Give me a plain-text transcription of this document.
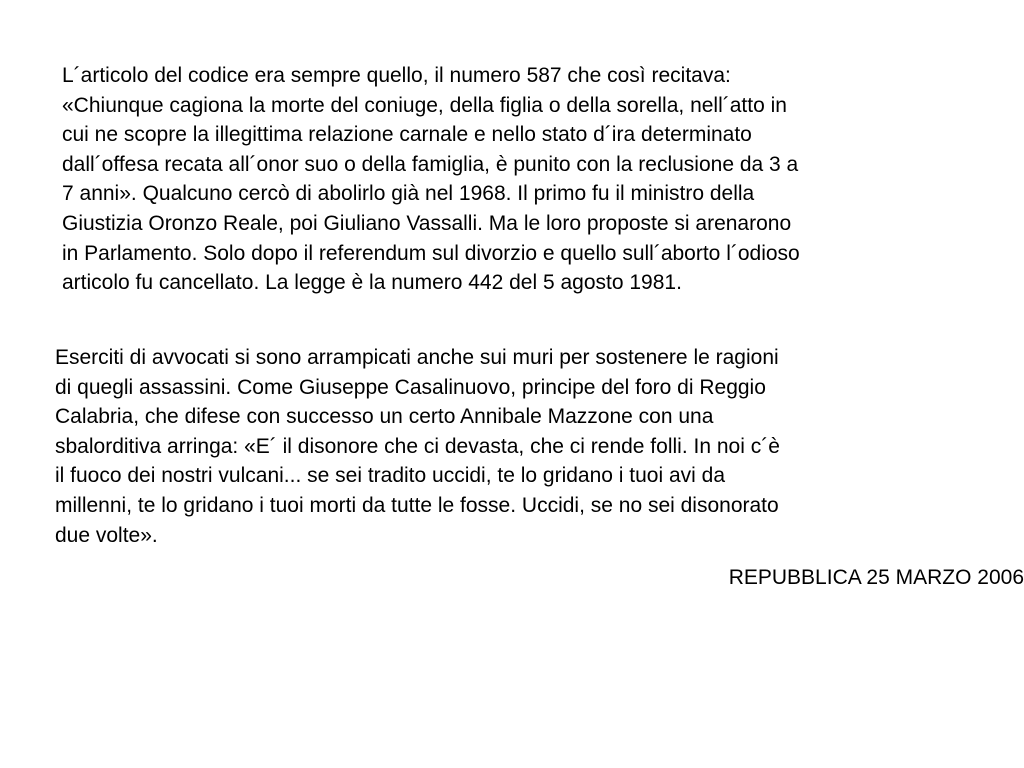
L´articolo del codice era sempre quello, il numero 587 che così recitava:
«Chiunque cagiona la morte del coniuge, della figlia o della sorella, nell´atto in
cui ne scopre la illegittima relazione carnale e nello stato d´ira determinato
dall´offesa recata all´onor suo o della famiglia, è punito con la reclusione da 3 a
7 anni». Qualcuno cercò di abolirlo già nel 1968. Il primo fu il ministro della
Giustizia Oronzo Reale, poi Giuliano Vassalli. Ma le loro proposte si arenarono
in Parlamento. Solo dopo il referendum sul divorzio e quello sull´aborto l´odioso
articolo fu cancellato. La legge è la numero 442 del 5 agosto 1981.
Eserciti di avvocati si sono arrampicati anche sui muri per sostenere le ragioni
di quegli assassini. Come Giuseppe Casalinuovo, principe del foro di Reggio
Calabria, che difese con successo un certo Annibale Mazzone con una
sbalorditiva arringa: «E´ il disonore che ci devasta, che ci rende folli. In noi c´è
il fuoco dei nostri vulcani... se sei tradito uccidi, te lo gridano i tuoi avi da
millenni, te lo gridano i tuoi morti da tutte le fosse. Uccidi, se no sei disonorato
due volte».
REPUBBLICA 25 MARZO 2006
